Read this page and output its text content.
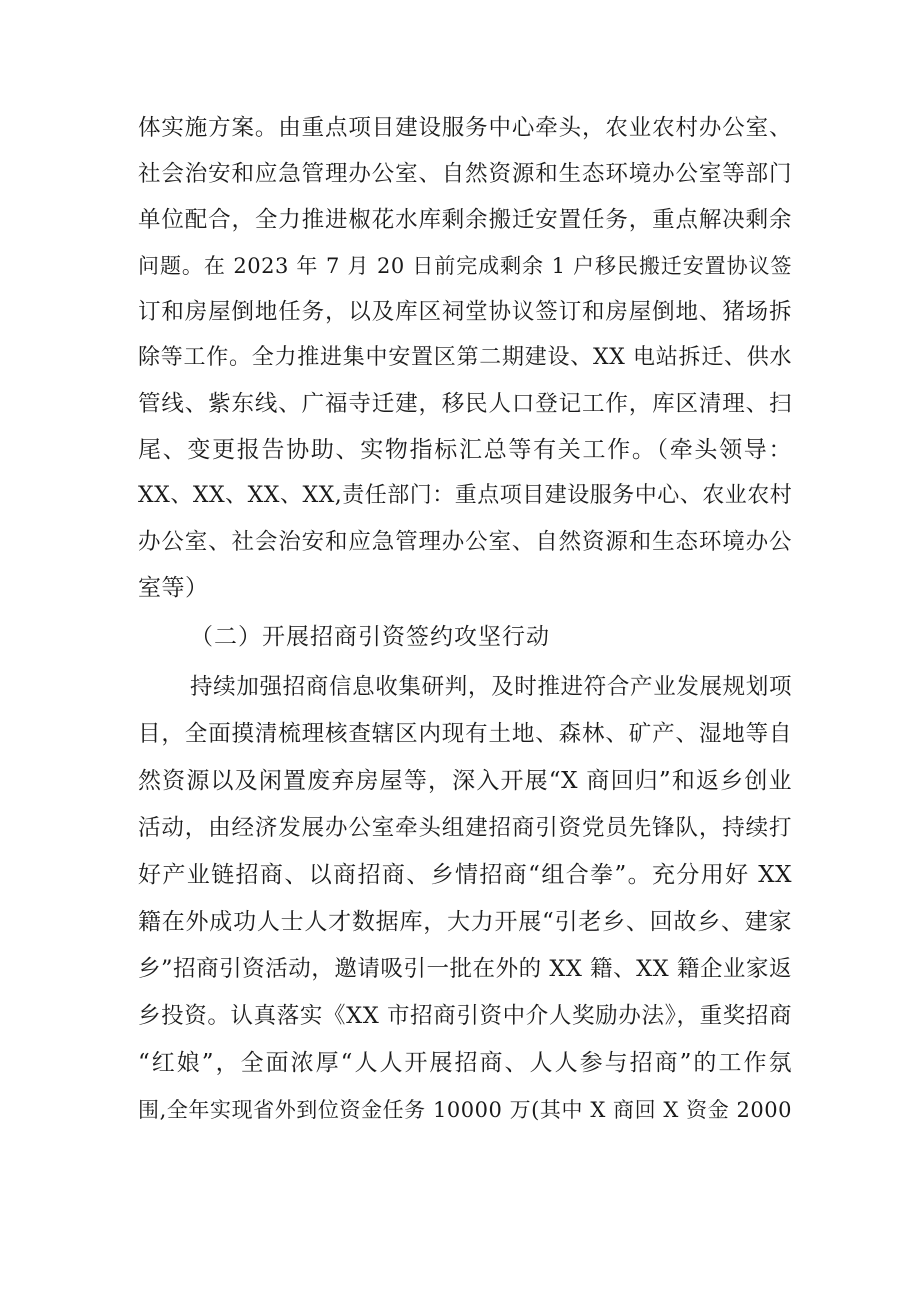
体实施方案。由重点项目建设服务中心牵头，农业农村办公室、
社会治安和应急管理办公室、自然资源和生态环境办公室等部门
单位配合，全力推进椒花水库剩余搬迁安置任务，重点解决剩余
问题。在 2023 年 7 月 20 日前完成剩余 1 户移民搬迁安置协议签
订和房屋倒地任务，以及库区祠堂协议签订和房屋倒地、猪场拆
除等工作。全力推进集中安置区第二期建设、XX 电站拆迁、供水
管线、紫东线、广福寺迁建，移民人口登记工作，库区清理、扫
尾、变更报告协助、实物指标汇总等有关工作。（牵头领导：
XX、XX、XX、XX,责任部门：重点项目建设服务中心、农业农村
办公室、社会治安和应急管理办公室、自然资源和生态环境办公
室等）
（二）开展招商引资签约攻坚行动
持续加强招商信息收集研判，及时推进符合产业发展规划项
目，全面摸清梳理核查辖区内现有土地、森林、矿产、湿地等自
然资源以及闲置废弃房屋等，深入开展“X 商回归”和返乡创业
活动，由经济发展办公室牵头组建招商引资党员先锋队，持续打
好产业链招商、以商招商、乡情招商“组合拳”。充分用好 XX
籍在外成功人士人才数据库，大力开展“引老乡、回故乡、建家
乡”招商引资活动，邀请吸引一批在外的 XX 籍、XX 籍企业家返
乡投资。认真落实《XX 市招商引资中介人奖励办法》，重奖招商
“红娘”，全面浓厚“人人开展招商、人人参与招商”的工作氛
围,全年实现省外到位资金任务 10000 万(其中 X 商回 X 资金 2000
